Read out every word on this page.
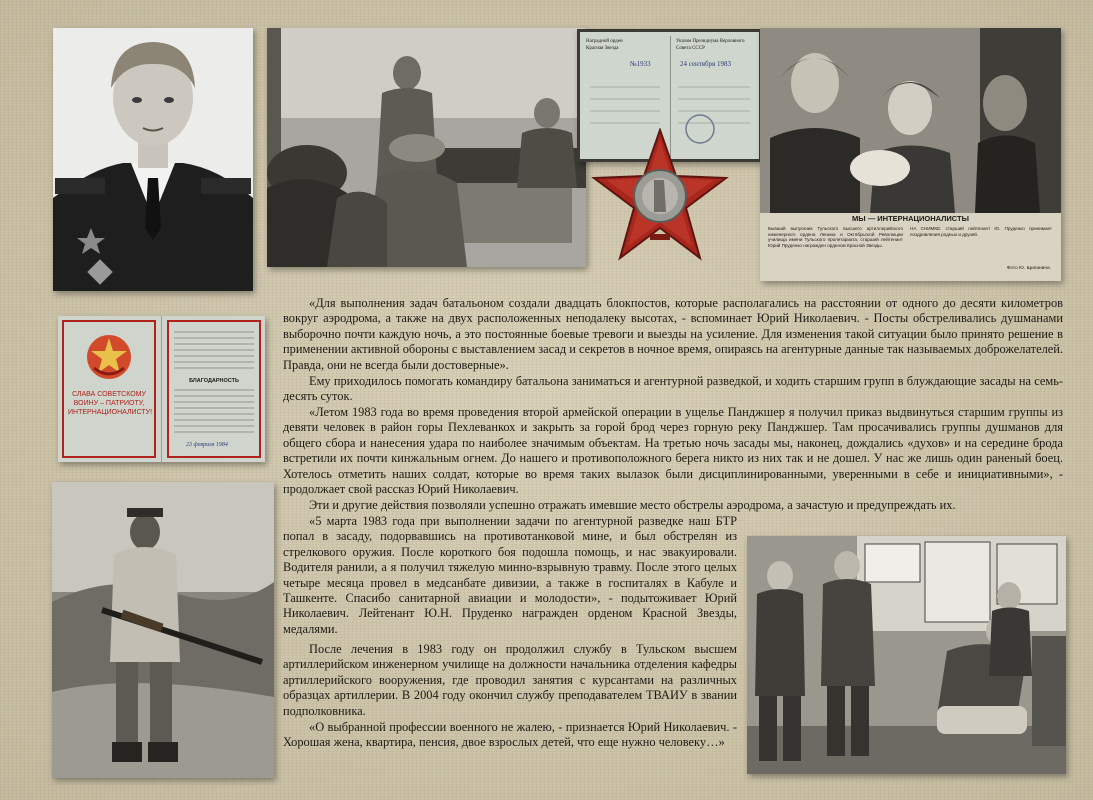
Наградной орден
Красная Звезда
№1933
Указом Президиума Верховного Совета СССР
24 сентября 1983
МЫ — ИНТЕРНАЦИОНАЛИСТЫ
Бывший выпускник Тульского высшего артиллерийского инженерного ордена Ленина и Октябрьской Революции училища имени Тульского пролетариата, старший лейтенант Юрий Пруденко награжден орденом Красной Звезды.
НА СНИМКЕ: старший лейтенант Ю. Пруденко принимает поздравления родных и друзей.
Фото Ю. Щипанина.
СЛАВА СОВЕТСКОМУ ВОИНУ – ПАТРИОТУ, ИНТЕРНАЦИОНАЛИСТУ!
БЛАГОДАРНОСТЬ
23 февраля 1984

«Для выполнения задач батальоном создали двадцать блокпостов, которые располагались на расстоянии от одного до десяти километров вокруг аэродрома, а также на двух расположенных неподалеку высотах, - вспоминает Юрий Николаевич. - Посты обстреливались душманами выборочно почти каждую ночь, а это постоянные боевые тревоги и выезды на усиление. Для изменения такой ситуации было принято решение в применении активной обороны с выставлением засад и секретов в ночное время, опираясь на агентурные данные так называемых доброжелателей. Правда, они не всегда были достоверные».

Ему приходилось помогать командиру батальона заниматься и агентурной разведкой, и ходить старшим групп в блуждающие засады на семь-десять суток.

«Летом 1983 года во время проведения второй армейской операции в ущелье Панджшер я получил приказ выдвинуться старшим группы из девяти человек в район горы Пехлеванкох и закрыть за горой брод через горную реку Панджшер. Там просачивались группы душманов для общего сбора и нанесения удара по наиболее значимым объектам. На третью ночь засады мы, наконец, дождались «духов» и на середине брода встретили их почти кинжальным огнем. До нашего и противоположного берега никто из них так и не дошел. У нас же лишь один раненый боец. Хотелось отметить наших солдат, которые во время таких вылазок были дисциплинированными, уверенными в себе и инициативными», - продолжает свой рассказ Юрий Николаевич.

Эти и другие действия позволяли успешно отражать имевшие место обстрелы аэродрома, а зачастую и предупреждать их.

«5 марта 1983 года при выполнении задачи по агентурной разведке наш БТР попал в засаду, подорвавшись на противотанковой мине, и был обстрелян из стрелкового оружия. После короткого боя подошла помощь, и нас эвакуировали. Водителя ранили, а я получил тяжелую минно-взрывную травму. После этого целых четыре месяца провел в медсанбате дивизии, а также в госпиталях в Кабуле и Ташкенте. Спасибо санитарной авиации и молодости», - подытоживает Юрий Николаевич. Лейтенант Ю.Н. Пруденко награжден орденом Красной Звезды, медалями.

После лечения в 1983 году он продолжил службу в Тульском высшем артиллерийском инженерном училище на должности начальника отделения кафедры артиллерийского вооружения, где проводил занятия с курсантами на различных образцах артиллерии. В 2004 году окончил службу преподавателем ТВАИУ в звании подполковника.

«О выбранной профессии военного не жалею, - признается Юрий Николаевич. - Хорошая жена, квартира, пенсия, двое взрослых детей, что еще нужно человеку…»
